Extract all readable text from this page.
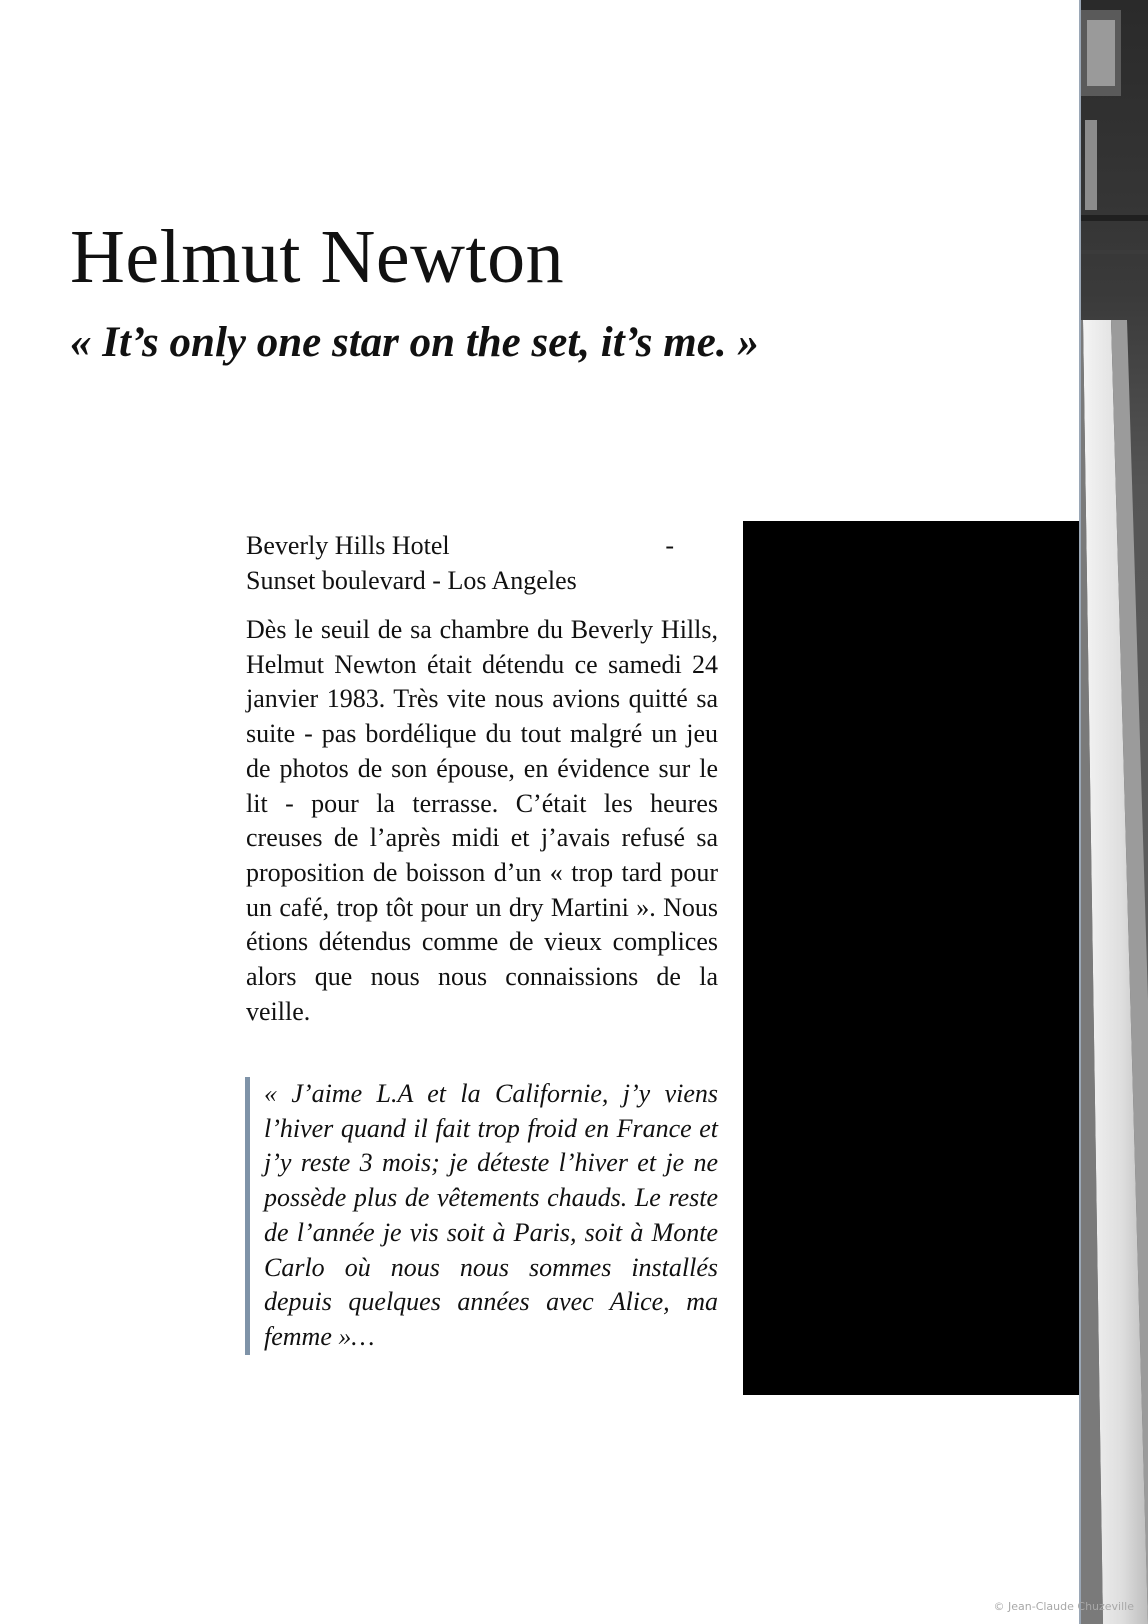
Helmut Newton
« It’s only one star on the set, it’s me. »
Beverly Hills Hotel	-
Sunset boulevard - Los Angeles

Dès le seuil de sa chambre du Beverly Hills, Helmut Newton était détendu ce samedi 24 janvier 1983. Très vite nous avions quitté sa suite - pas bordélique du tout malgré un jeu de photos de son épouse, en évidence sur le lit - pour la terrasse. C’était les heures creuses de l’après midi et j’avais refusé sa proposition de boisson d’un « trop tard pour un café, trop tôt pour un dry Martini ». Nous étions détendus comme de vieux complices alors que nous nous connaissions de la veille.

« J’aime L.A et la Californie, j’y viens l’hiver quand il fait trop froid en France et j’y reste 3 mois; je déteste l’hiver et je ne possède plus de vêtements chauds. Le reste de l’année je vis soit à Paris, soit à Monte Carlo où nous nous sommes installés depuis quelques années avec Alice, ma femme »…

© Jean-Claude Chuzeville
